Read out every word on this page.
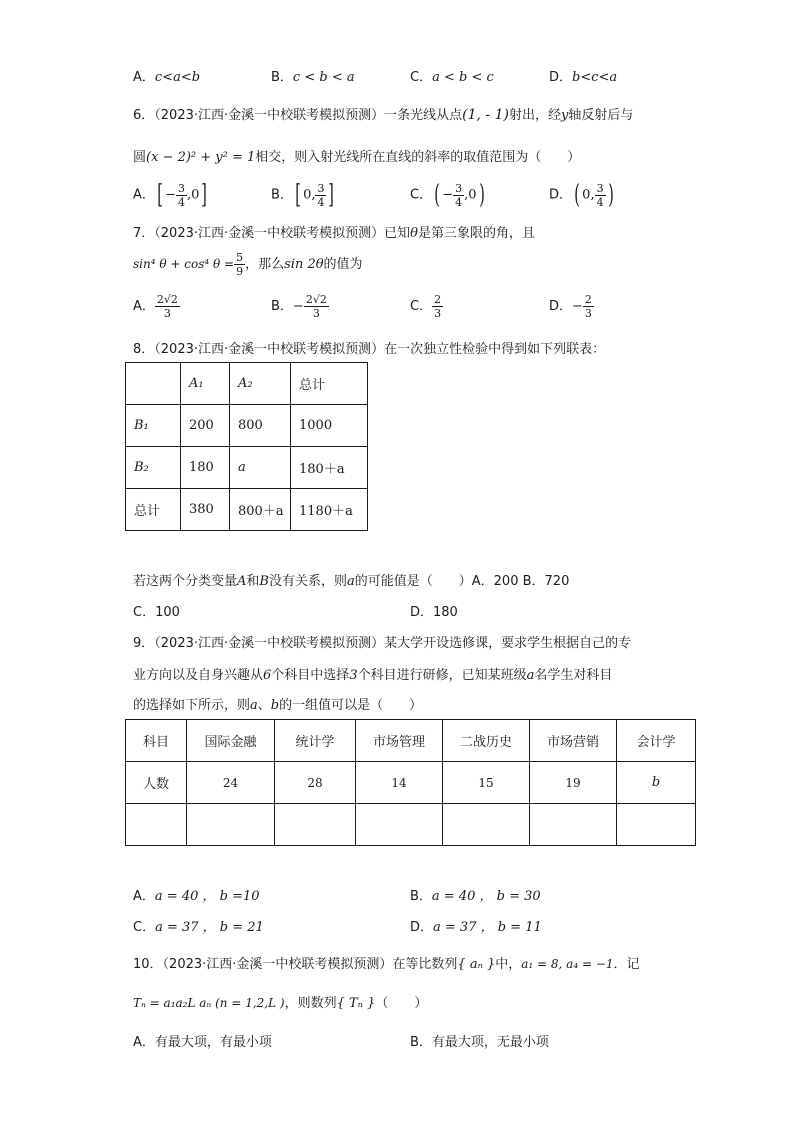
A．c<a<b	B．c < b < a	C．a < b < c	D．b<c<a
6．（2023·江西·金溪一中校联考模拟预测）一条光线从点(1, - 1)射出，经y轴反射后与
圆(x − 2)² + y² = 1相交，则入射光线所在直线的斜率的取值范围为（　　）
A．[ − $\frac{3}{4} ,0$]	B．[ 0, $\frac{3}{4}$ ]	C．( − $\frac{3}{4} ,0$)	D．( 0, $\frac{3}{4}$ )
7．（2023·江西·金溪一中校联考模拟预测）已知θ是第三象限的角，且
sin⁴ θ + cos⁴ $\theta = \frac{5}{9}$ ，那么sin 2θ的值为
A． $\frac{2√2}{3}$	B．− $\frac{2√2}{3}$	C． $\frac{2}{3}$	D．− $\frac{2}{3}$
8．（2023·江西·金溪一中校联考模拟预测）在一次独立性检验中得到如下列联表：
	A₁	A₂	总计
B₁	200	800	1000
B₂	180	a	180＋a
总计	380	800＋a	1180＋a
若这两个分类变量A和B没有关系，则a的可能值是（　　）A．200 B．720
C．100	D．180
9．（2023·江西·金溪一中校联考模拟预测）某大学开设选修课，要求学生根据自己的专
业方向以及自身兴趣从6个科目中选择3个科目进行研修，已知某班级a名学生对科目
的选择如下所示，则a、b的一组值可以是（　　）
科目	国际金融	统计学	市场管理	二战历史	市场营销	会计学
人数	24	28	14	15	19	b

A．a = 40 ， b =10	B．a = 40 ， b = 30
C．a = 37 ， b = 21	D．a = 37 ， b = 11
10．（2023·江西·金溪一中校联考模拟预测）在等比数列{ aₙ }中，a₁ = 8, a₄ = −1．记
Tₙ = a₁a₂L aₙ (n = 1,2,L )，则数列{ Tₙ }（　　）
A．有最大项，有最小项	B．有最大项，无最小项
